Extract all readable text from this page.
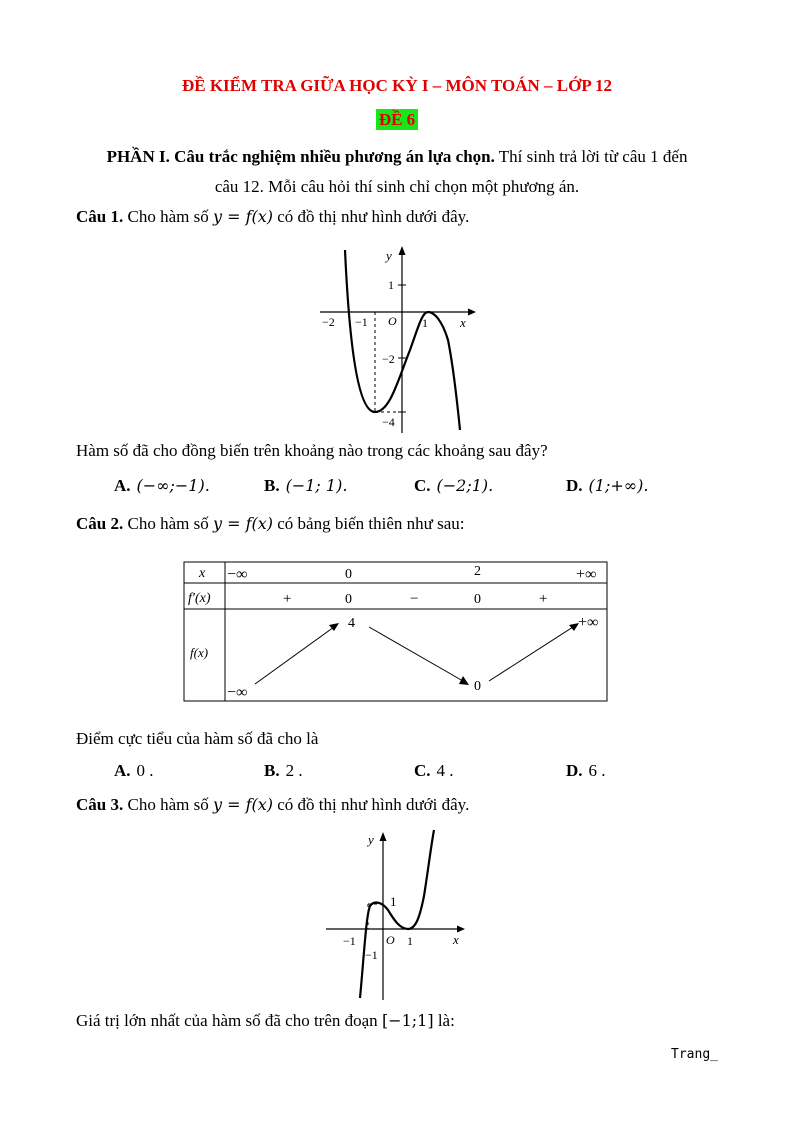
ĐỀ KIỂM TRA GIỮA HỌC KỲ I – MÔN TOÁN – LỚP 12
ĐỀ 6
PHẦN I. Câu trắc nghiệm nhiều phương án lựa chọn. Thí sinh trả lời từ câu 1 đến
câu 12. Mỗi câu hỏi thí sinh chỉ chọn một phương án.
Câu 1. Cho hàm số y = f(x) có đồ thị như hình dưới đây.
y
x
1
O
−2 −1	1
−2
−4
Hàm số đã cho đồng biến trên khoảng nào trong các khoảng sau đây?
A. (−∞;−1).	B. (−1; 1).	C. (−2;1).	D. (1;+∞).
Câu 2. Cho hàm số y = f(x) có bảng biến thiên như sau:
x
f′(x)
f(x)
−∞	0	2	+∞
+	0	−	0	+
−∞
4
0
+∞
Điểm cực tiểu của hàm số đã cho là
A. 0 .	B. 2 .	C. 4 .	D. 6 .
Câu 3. Cho hàm số y = f(x) có đồ thị như hình dưới đây.
y
x
1
O
−1	1
−1
Giá trị lớn nhất của hàm số đã cho trên đoạn [−1;1] là:
Trang_
